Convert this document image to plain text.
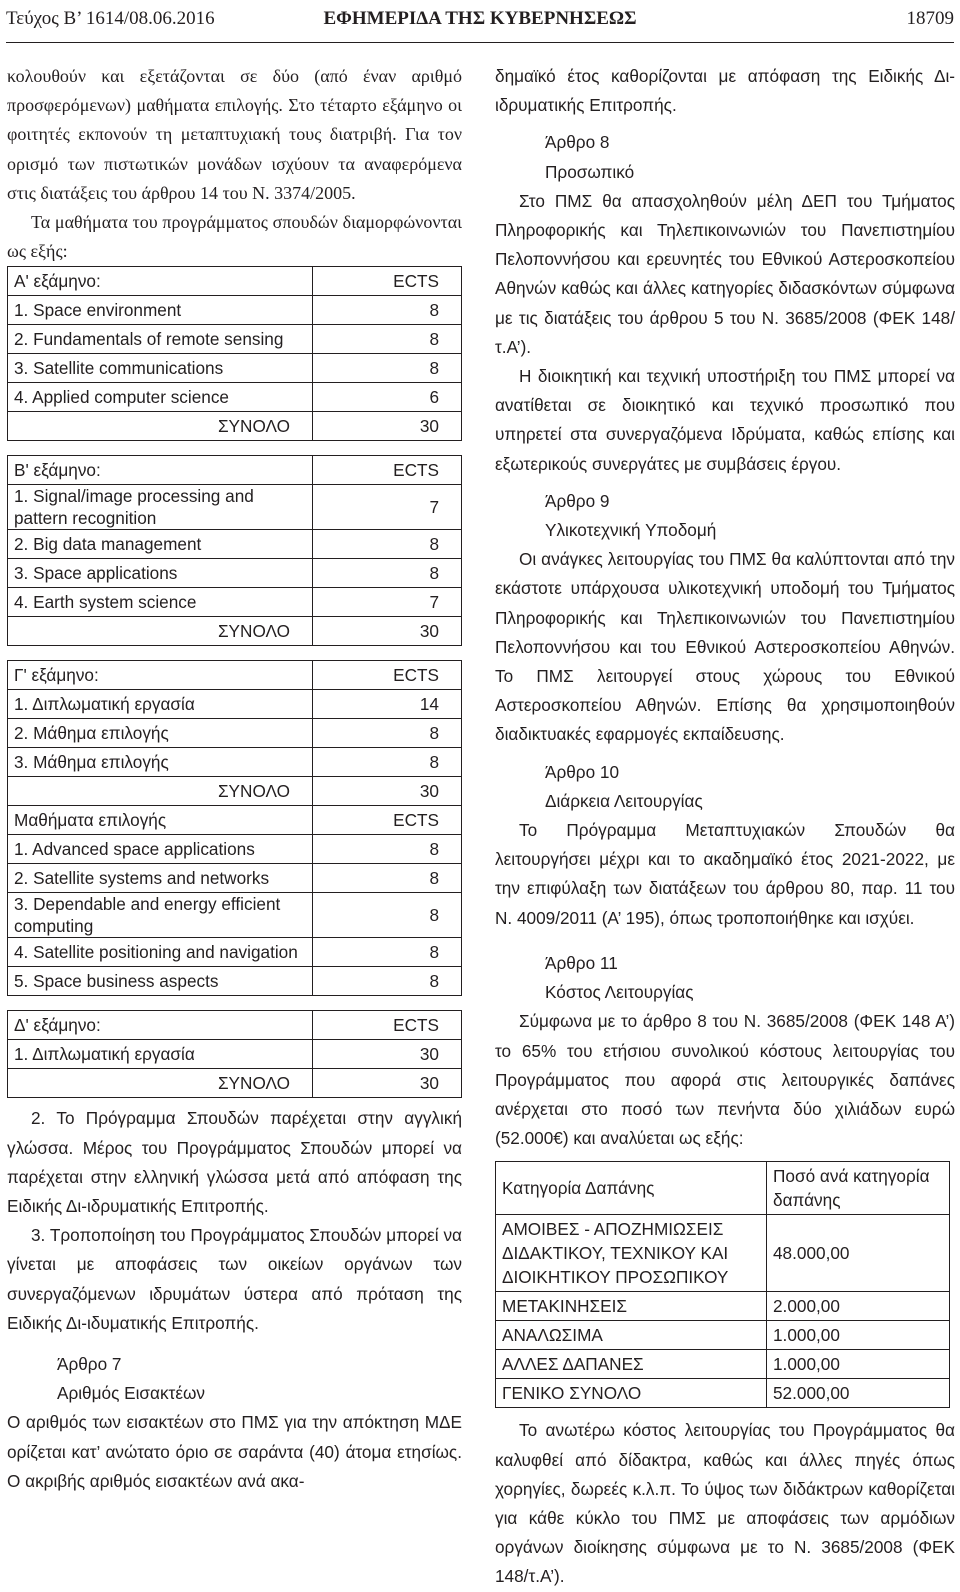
Τεύχος Β’ 1614/08.06.2016	ΕΦΗΜΕΡΙΔΑ ΤΗΣ ΚΥΒΕΡΝΗΣΕΩΣ	18709
κολουθούν και εξετάζονται σε δύο (από έναν αριθμό προσφερόμενων) μαθήματα επιλογής. Στο τέταρτο εξάμηνο οι φοιτητές εκπονούν τη μεταπτυχιακή τους διατριβή. Για τον ορισμό των πιστωτικών μονάδων ισχύουν τα αναφερόμενα στις διατάξεις του άρθρου 14 του Ν. 3374/2005.
Τα μαθήματα του προγράμματος σπουδών διαμορφώνονται ως εξής:
Α' εξάμηνο:	ECTS
1. Space environment	8
2. Fundamentals of remote sensing	8
3. Satellite communications	8
4. Applied computer science	6
ΣΥΝΟΛΟ	30
Β' εξάμηνο:	ECTS
1. Signal/image processing and pattern recognition	7
2. Big data management	8
3. Space applications	8
4. Earth system science	7
ΣΥΝΟΛΟ	30
Γ' εξάμηνο:	ECTS
1. Διπλωματική εργασία	14
2. Μάθημα επιλογής	8
3. Μάθημα επιλογής	8
ΣΥΝΟΛΟ	30
Μαθήματα επιλογής	ECTS
1. Advanced space applications	8
2. Satellite systems and networks	8
3. Dependable and energy efficient computing	8
4. Satellite positioning and navigation	8
5. Space business aspects	8
Δ' εξάμηνο:	ECTS
1. Διπλωματική εργασία	30
ΣΥΝΟΛΟ	30
2. Το Πρόγραμμα Σπουδών παρέχεται στην αγγλική γλώσσα. Μέρος του Προγράμματος Σπουδών μπορεί να παρέχεται στην ελληνική γλώσσα μετά από απόφαση της Ειδικής Δι-ιδρυματικής Επιτροπής.
3. Τροποποίηση του Προγράμματος Σπουδών μπορεί να γίνεται με αποφάσεις των οικείων οργάνων των συνεργαζόμενων ιδρυμάτων ύστερα από πρόταση της Ειδικής Δι-ιδυματικής Επιτροπής.
Άρθρο 7
Αριθμός Εισακτέων
Ο αριθμός των εισακτέων στο ΠΜΣ για την απόκτηση ΜΔΕ ορίζεται κατ’ ανώτατο όριο σε σαράντα (40) άτομα ετησίως. Ο ακριβής αριθμός εισακτέων ανά ακα-
δημαϊκό έτος καθορίζονται με απόφαση της Ειδικής Δι-ιδρυματικής Επιτροπής.
Άρθρο 8
Προσωπικό
Στο ΠΜΣ θα απασχοληθούν μέλη ΔΕΠ του Τμήματος Πληροφορικής και Τηλεπικοινωνιών του Πανεπιστημίου Πελοποννήσου και ερευνητές του Εθνικού Αστεροσκοπείου Αθηνών καθώς και άλλες κατηγορίες διδασκόντων σύμφωνα με τις διατάξεις του άρθρου 5 του Ν. 3685/2008 (ΦΕΚ 148/τ.Α’).
Η διοικητική και τεχνική υποστήριξη του ΠΜΣ μπορεί να ανατίθεται σε διοικητικό και τεχνικό προσωπικό που υπηρετεί στα συνεργαζόμενα Ιδρύματα, καθώς επίσης και εξωτερικούς συνεργάτες με συμβάσεις έργου.
Άρθρο 9
Υλικοτεχνική Υποδομή
Οι ανάγκες λειτουργίας του ΠΜΣ θα καλύπτονται από την εκάστοτε υπάρχουσα υλικοτεχνική υποδομή του Τμήματος Πληροφορικής και Τηλεπικοινωνιών του Πανεπιστημίου Πελοποννήσου και του Εθνικού Αστεροσκοπείου Αθηνών. Το ΠΜΣ λειτουργεί στους χώρους του Εθνικού Αστεροσκοπείου Αθηνών. Επίσης θα χρησιμοποιηθούν διαδικτυακές εφαρμογές εκπαίδευσης.
Άρθρο 10
Διάρκεια Λειτουργίας
Το Πρόγραμμα Μεταπτυχιακών Σπουδών θα λειτουργήσει μέχρι και το ακαδημαϊκό έτος 2021-2022, με την επιφύλαξη των διατάξεων του άρθρου 80, παρ. 11 του Ν. 4009/2011 (Α’ 195), όπως τροποποιήθηκε και ισχύει.
Άρθρο 11
Κόστος Λειτουργίας
Σύμφωνα με το άρθρο 8 του Ν. 3685/2008 (ΦΕΚ 148 Α’) το 65% του ετήσιου συνολικού κόστους λειτουργίας του Προγράμματος που αφορά στις λειτουργικές δαπάνες ανέρχεται στο ποσό των πενήντα δύο χιλιάδων ευρώ (52.000€) και αναλύεται ως εξής:
Κατηγορία Δαπάνης	Ποσό ανά κατηγορία δαπάνης
ΑΜΟΙΒΕΣ - ΑΠΟΖΗΜΙΩΣΕΙΣ ΔΙΔΑΚΤΙΚΟΥ, ΤΕΧΝΙΚΟΥ ΚΑΙ ΔΙΟΙΚΗΤΙΚΟΥ ΠΡΟΣΩΠΙΚΟΥ	48.000,00
ΜΕΤΑΚΙΝΗΣΕΙΣ	2.000,00
ΑΝΑΛΩΣΙΜΑ	1.000,00
ΑΛΛΕΣ ΔΑΠΑΝΕΣ	1.000,00
ΓΕΝΙΚΟ ΣΥΝΟΛΟ	52.000,00
Το ανωτέρω κόστος λειτουργίας του Προγράμματος θα καλυφθεί από δίδακτρα, καθώς και άλλες πηγές όπως χορηγίες, δωρεές κ.λ.π. Το ύψος των διδάκτρων καθορίζεται για κάθε κύκλο του ΠΜΣ με αποφάσεις των αρμόδιων οργάνων διοίκησης σύμφωνα με το Ν. 3685/2008 (ΦΕΚ 148/τ.Α’).
